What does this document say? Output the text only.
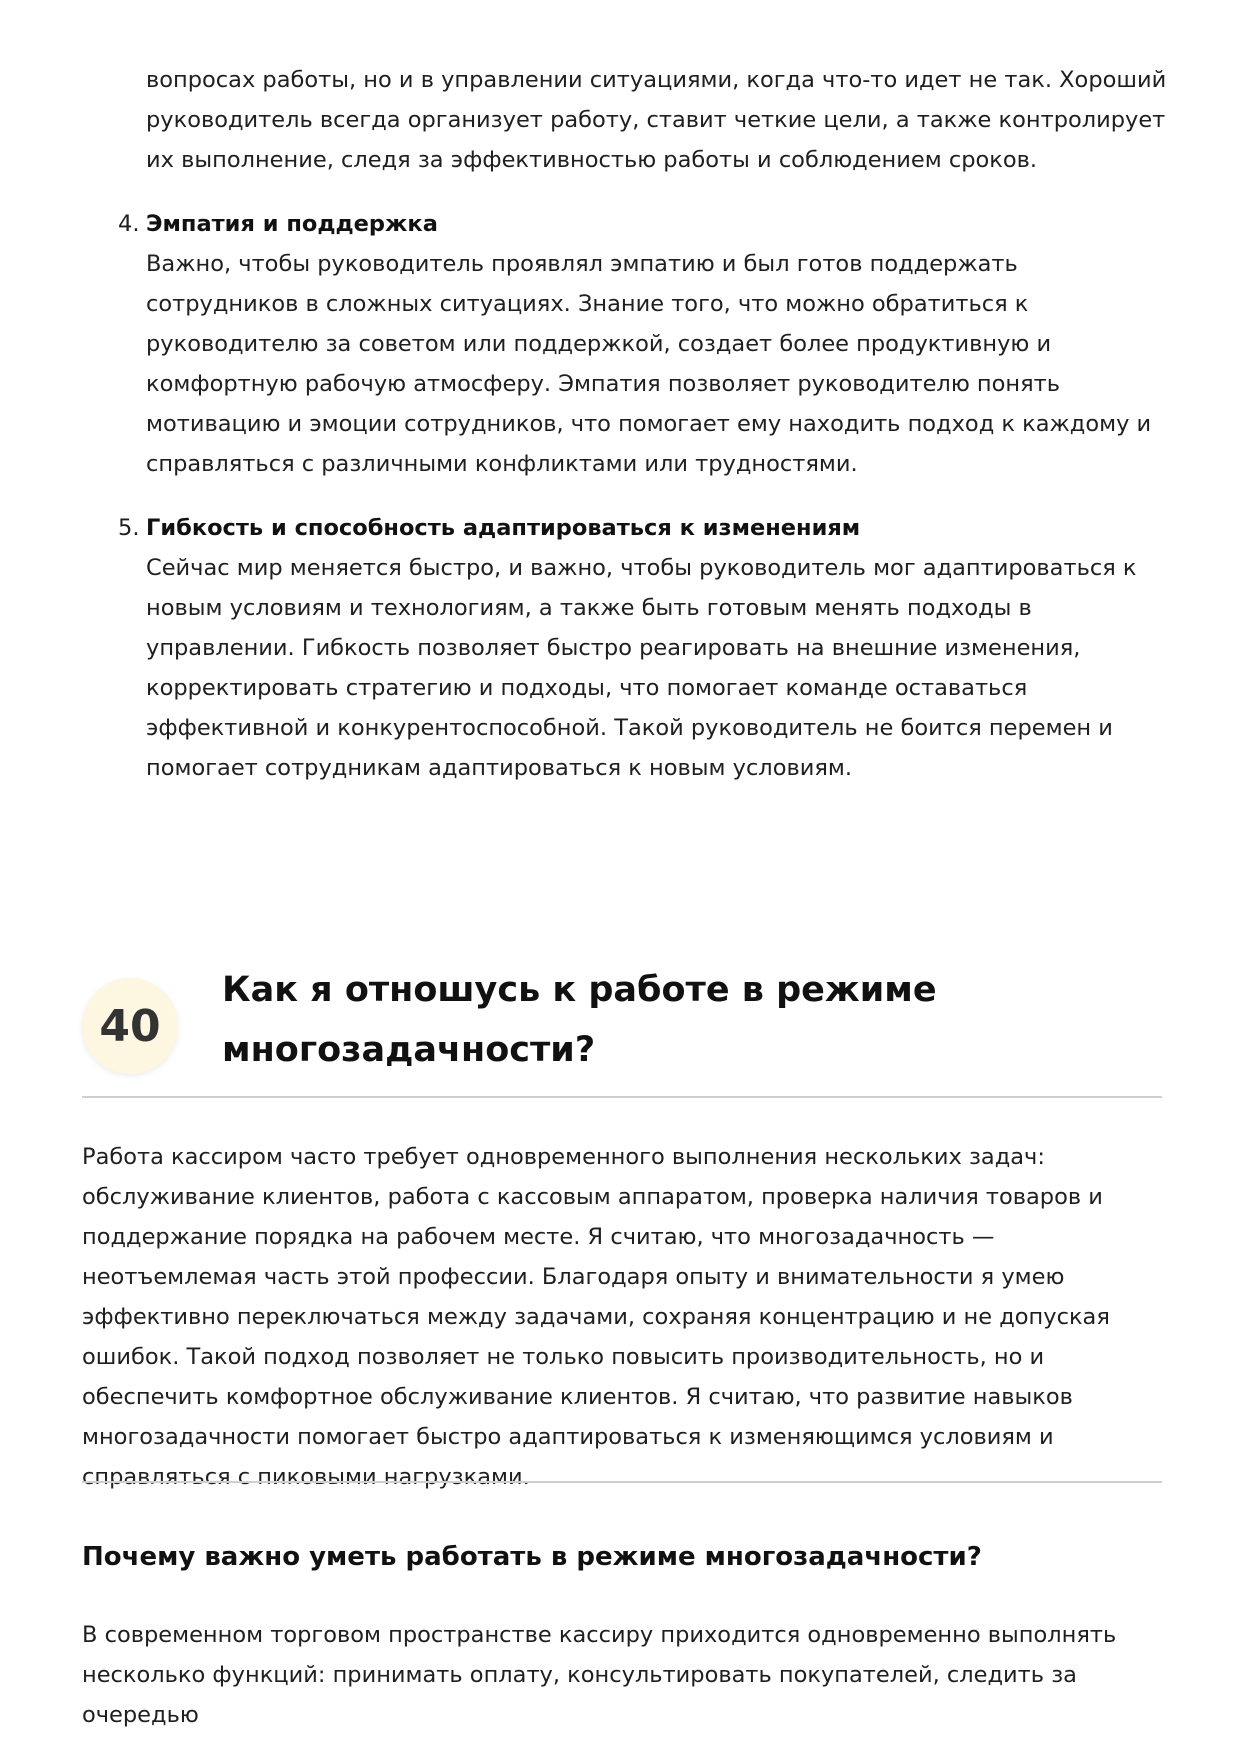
вопросах работы, но и в управлении ситуациями, когда что-то идет не так. Хороший руководитель всегда организует работу, ставит четкие цели, а также контролирует их выполнение, следя за эффективностью работы и соблюдением сроков.

4. Эмпатия и поддержка

Важно, чтобы руководитель проявлял эмпатию и был готов поддержать сотрудников в сложных ситуациях. Знание того, что можно обратиться к руководителю за советом или поддержкой, создает более продуктивную и комфортную рабочую атмосферу. Эмпатия позволяет руководителю понять мотивацию и эмоции сотрудников, что помогает ему находить подход к каждому и справляться с различными конфликтами или трудностями.

5. Гибкость и способность адаптироваться к изменениям

Сейчас мир меняется быстро, и важно, чтобы руководитель мог адаптироваться к новым условиям и технологиям, а также быть готовым менять подходы в управлении. Гибкость позволяет быстро реагировать на внешние изменения, корректировать стратегию и подходы, что помогает команде оставаться эффективной и конкурентоспособной. Такой руководитель не боится перемен и помогает сотрудникам адаптироваться к новым условиям.

40
Как я отношусь к работе в режиме многозадачности?

Работа кассиром часто требует одновременного выполнения нескольких задач: обслуживание клиентов, работа с кассовым аппаратом, проверка наличия товаров и поддержание порядка на рабочем месте. Я считаю, что многозадачность — неотъемлемая часть этой профессии. Благодаря опыту и внимательности я умею эффективно переключаться между задачами, сохраняя концентрацию и не допуская ошибок. Такой подход позволяет не только повысить производительность, но и обеспечить комфортное обслуживание клиентов. Я считаю, что развитие навыков многозадачности помогает быстро адаптироваться к изменяющимся условиям и справляться с пиковыми нагрузками.

Почему важно уметь работать в режиме многозадачности?

В современном торговом пространстве кассиру приходится одновременно выполнять несколько функций: принимать оплату, консультировать покупателей, следить за очередью
